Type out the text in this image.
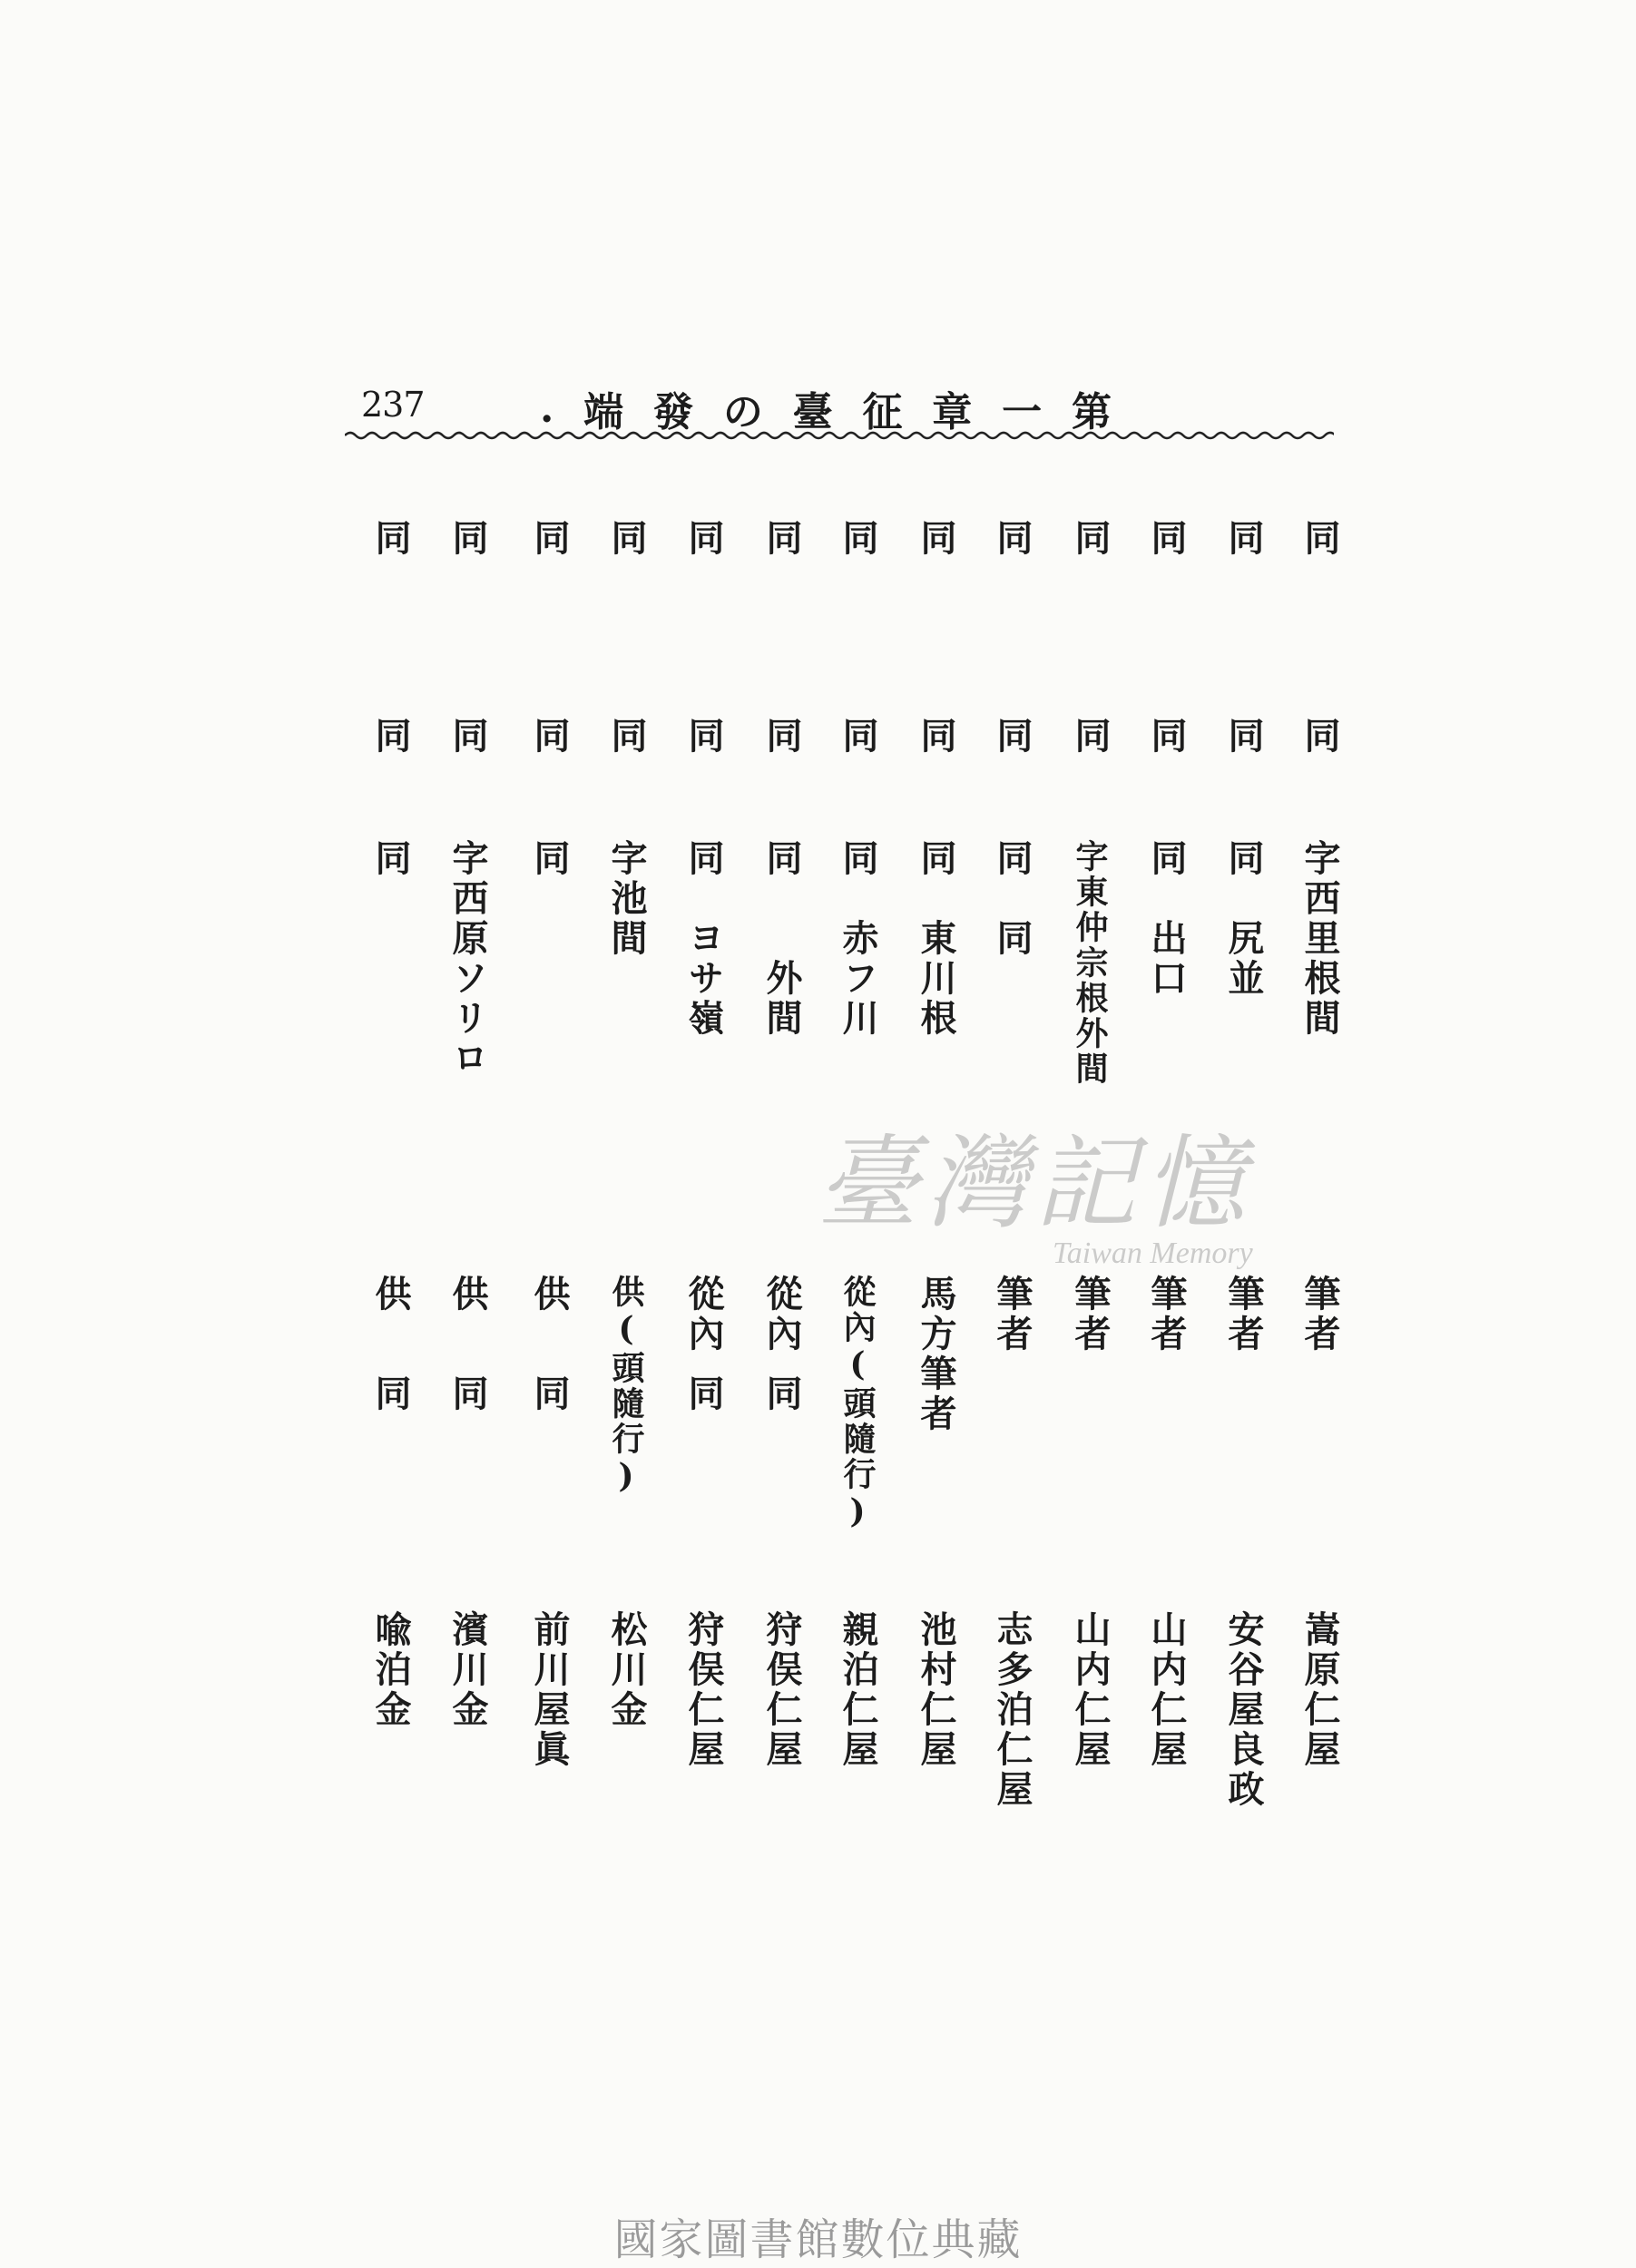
237	. 端 發 の 臺 征 章 一 第
同
同
字西里根間
筆者
嵩原仁屋
同
同
同　尻並
筆者
安谷屋良政
同
同
同　出口
筆者
山内仁屋
同
同
字東仲宗根外間
筆者
山内仁屋
同
同
同　同
筆者
志多泊仁屋
同
同
同　東川根
馬方筆者
池村仁屋
同
同
同　赤フ川
從內(頭隨行)
親泊仁屋
同
同
同　　外間
從內
同
狩俣仁屋
同
同
同　ヨサ嶺
從內
同
狩俣仁屋
同
同
字池間
供(頭隨行)
松川金
同
同
同
供
同
前川屋眞
同
同
字西原ソリロ
供
同
濱川金
同
同
同
供
同
喩泊金
臺灣記憶
Taiwan Memory
國家圖書館數位典藏
